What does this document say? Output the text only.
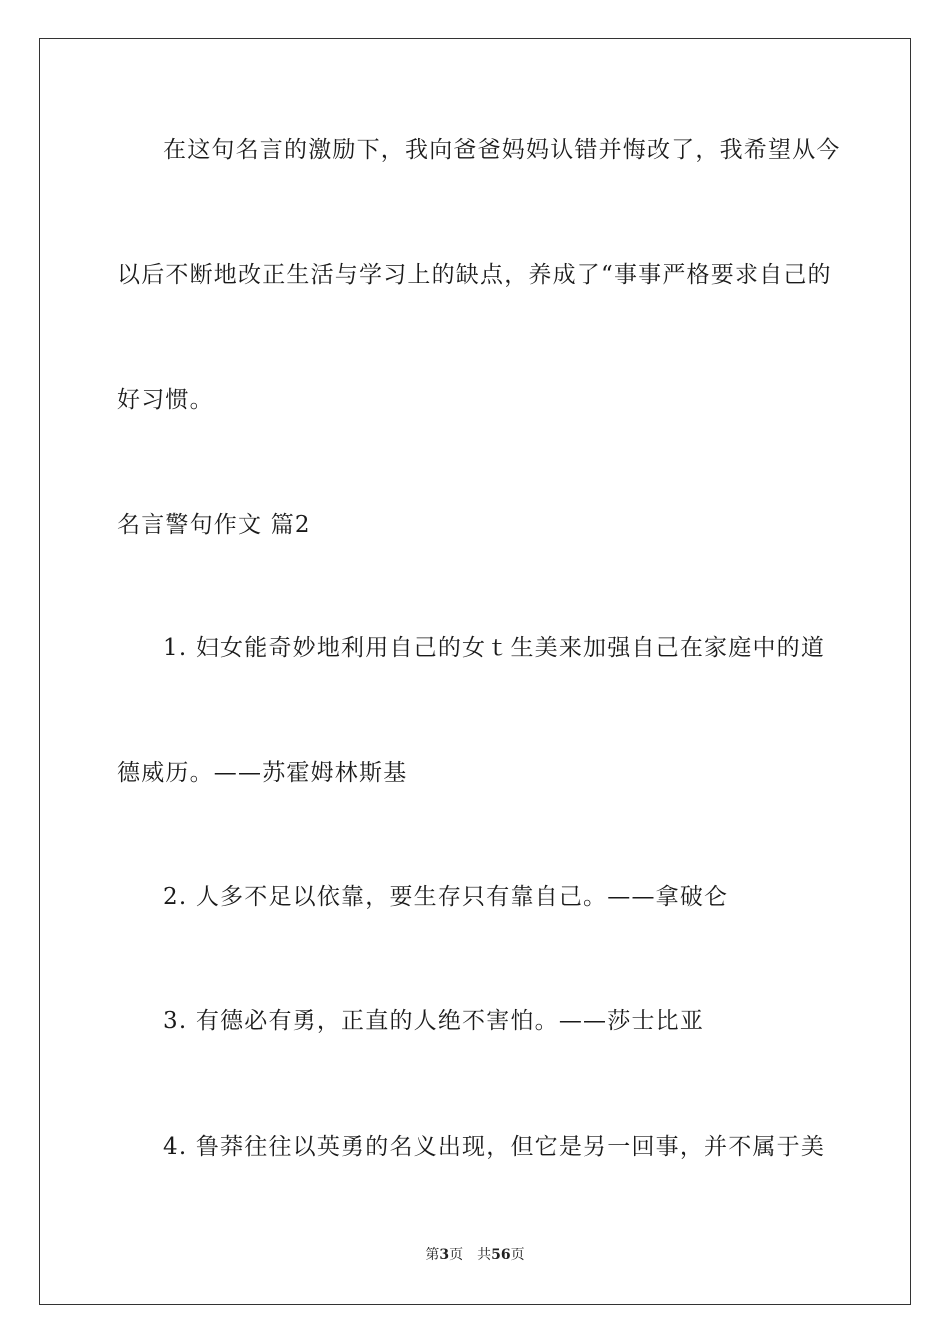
在这句名言的激励下，我向爸爸妈妈认错并悔改了，我希望从今
以后不断地改正生活与学习上的缺点，养成了“事事严格要求自己的
好习惯。
名言警句作文 篇2
1. 妇女能奇妙地利用自己的女ｔ生美来加强自己在家庭中的道
德威历。——苏霍姆林斯基
2. 人多不足以依靠，要生存只有靠自己。——拿破仑
3. 有德必有勇，正直的人绝不害怕。——莎士比亚
4. 鲁莽往往以英勇的名义出现，但它是另一回事，并不属于美
第3页　共56页
